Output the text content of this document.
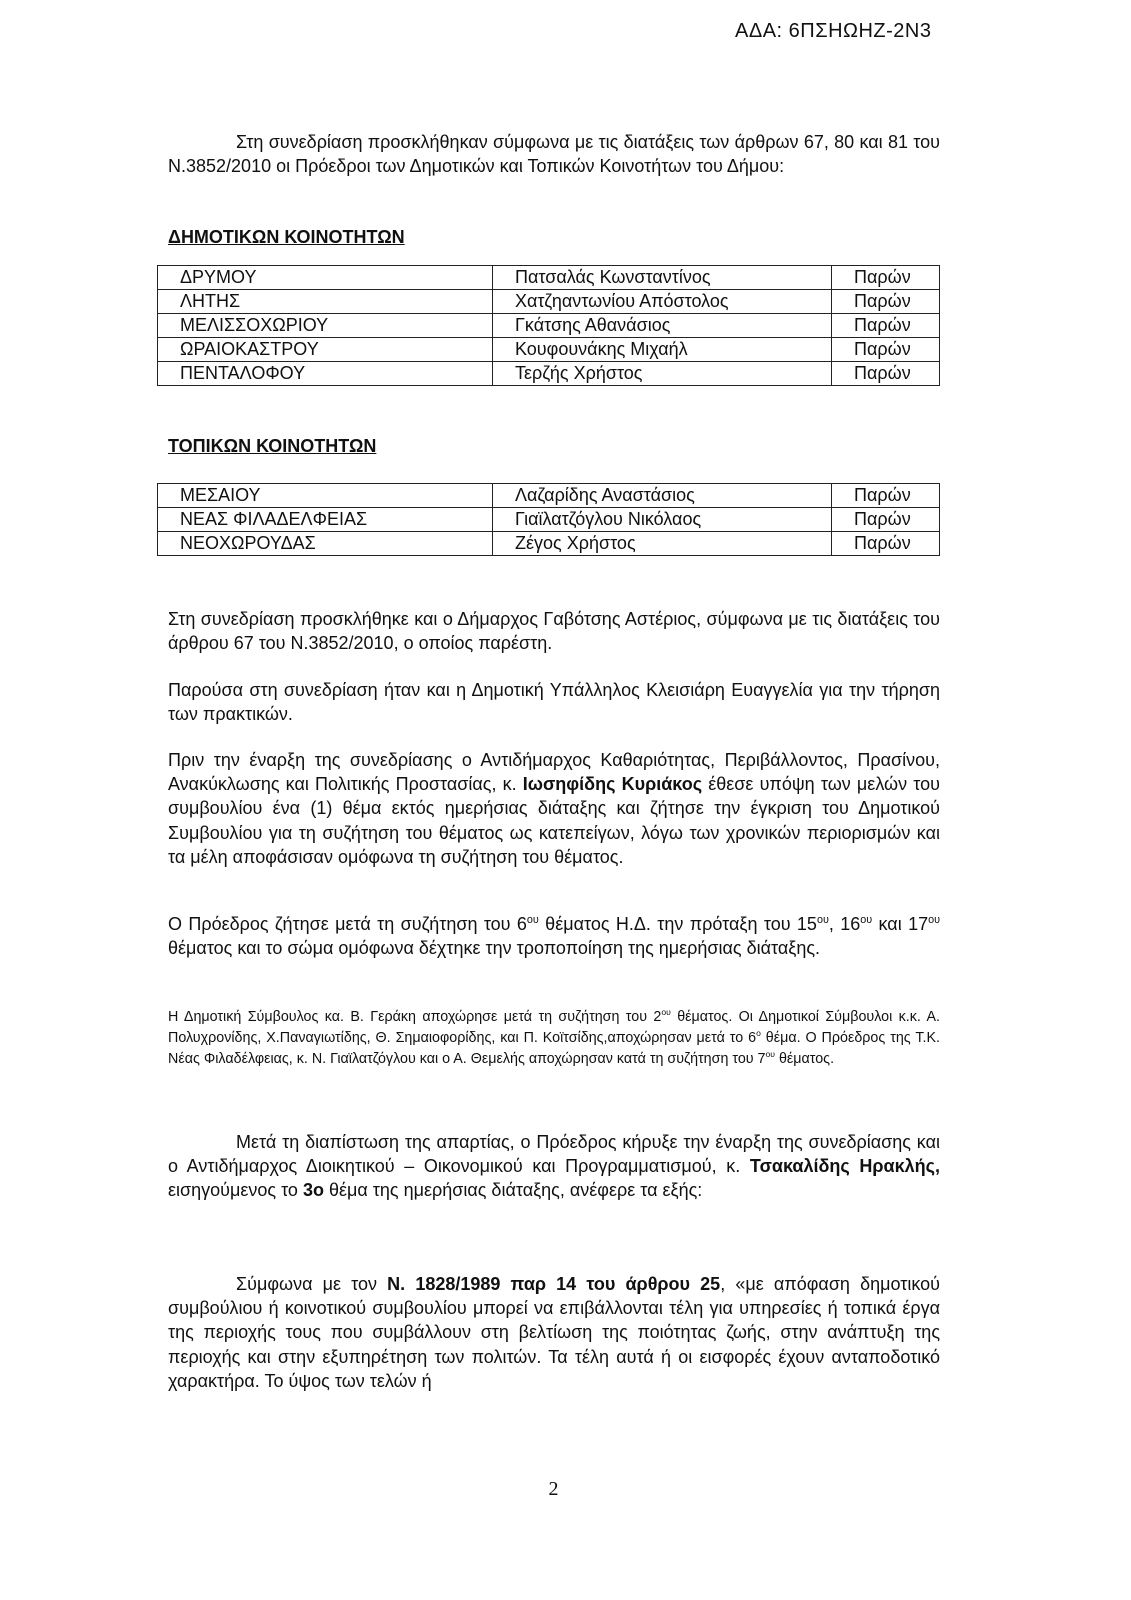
ΑΔΑ: 6ΠΣΗΩΗΖ-2Ν3
Στη συνεδρίαση προσκλήθηκαν σύμφωνα με τις διατάξεις των άρθρων 67, 80 και 81 του Ν.3852/2010 οι Πρόεδροι των Δημοτικών και Τοπικών Κοινοτήτων του Δήμου:
ΔΗΜΟΤΙΚΩΝ ΚΟΙΝΟΤΗΤΩΝ
ΔΡΥΜΟΥ	Πατσαλάς Κωνσταντίνος	Παρών
ΛΗΤΗΣ	Χατζηαντωνίου Απόστολος	Παρών
ΜΕΛΙΣΣΟΧΩΡΙΟΥ	Γκάτσης Αθανάσιος	Παρών
ΩΡΑΙΟΚΑΣΤΡΟΥ	Κουφουνάκης Μιχαήλ	Παρών
ΠΕΝΤΑΛΟΦΟΥ	Τερζής Χρήστος	Παρών
ΤΟΠΙΚΩΝ ΚΟΙΝΟΤΗΤΩΝ
ΜΕΣΑΙΟΥ	Λαζαρίδης Αναστάσιος	Παρών
ΝΕΑΣ ΦΙΛΑΔΕΛΦΕΙΑΣ	Γιαϊλατζόγλου Νικόλαος	Παρών
ΝΕΟΧΩΡΟΥΔΑΣ	Ζέγος Χρήστος	Παρών
Στη συνεδρίαση προσκλήθηκε και ο Δήμαρχος Γαβότσης Αστέριος, σύμφωνα με τις διατάξεις του άρθρου 67 του Ν.3852/2010, ο οποίος παρέστη.
Παρούσα στη συνεδρίαση ήταν και η Δημοτική Υπάλληλος Κλεισιάρη Ευαγγελία για την τήρηση των πρακτικών.
Πριν την έναρξη της συνεδρίασης ο Αντιδήμαρχος Καθαριότητας, Περιβάλλοντος, Πρασίνου, Ανακύκλωσης και Πολιτικής Προστασίας, κ. Ιωσηφίδης Κυριάκος έθεσε υπόψη των μελών του συμβουλίου ένα (1) θέμα εκτός ημερήσιας διάταξης και ζήτησε την έγκριση του Δημοτικού Συμβουλίου για τη συζήτηση του θέματος ως κατεπείγων, λόγω των χρονικών περιορισμών και τα μέλη αποφάσισαν ομόφωνα τη συζήτηση του θέματος.
Ο Πρόεδρος ζήτησε μετά τη συζήτηση του $6^{o\upsilon}$ θέματος Η.Δ. την πρόταξη του $15^{o\upsilon}$, $16^{o\upsilon}$ και $17^{o\upsilon}$ θέματος και το σώμα ομόφωνα δέχτηκε την τροποποίηση της ημερήσιας διάταξης.
Η Δημοτική Σύμβουλος κα. Β. Γεράκη αποχώρησε μετά τη συζήτηση του $2^{o\upsilon}$ θέματος. Οι Δημοτικοί Σύμβουλοι κ.κ. Α. Πολυχρονίδης, Χ.Παναγιωτίδης, Θ. Σημαιοφορίδης, και Π. Κοϊτσίδης,αποχώρησαν μετά το $6^o$ θέμα. Ο Πρόεδρος της Τ.Κ. Νέας Φιλαδέλφειας, κ. Ν. Γιαϊλατζόγλου και ο Α. Θεμελής αποχώρησαν κατά τη συζήτηση του $7^{o\upsilon}$ θέματος.
Μετά τη διαπίστωση της απαρτίας, ο Πρόεδρος κήρυξε την έναρξη της συνεδρίασης και ο Αντιδήμαρχος Διοικητικού – Οικονομικού και Προγραμματισμού, κ. Τσακαλίδης Ηρακλής, εισηγούμενος το 3ο θέμα της ημερήσιας διάταξης, ανέφερε τα εξής:
Σύμφωνα με τον Ν. 1828/1989 παρ 14 του άρθρου 25, «με απόφαση δημοτικού συμβούλιου ή κοινοτικού συμβουλίου μπορεί να επιβάλλονται τέλη για υπηρεσίες ή τοπικά έργα της περιοχής τους που συμβάλλουν στη βελτίωση της ποιότητας ζωής, στην ανάπτυξη της περιοχής και στην εξυπηρέτηση των πολιτών. Τα τέλη αυτά ή οι εισφορές έχουν ανταποδοτικό χαρακτήρα. Το ύψος των τελών ή
2
